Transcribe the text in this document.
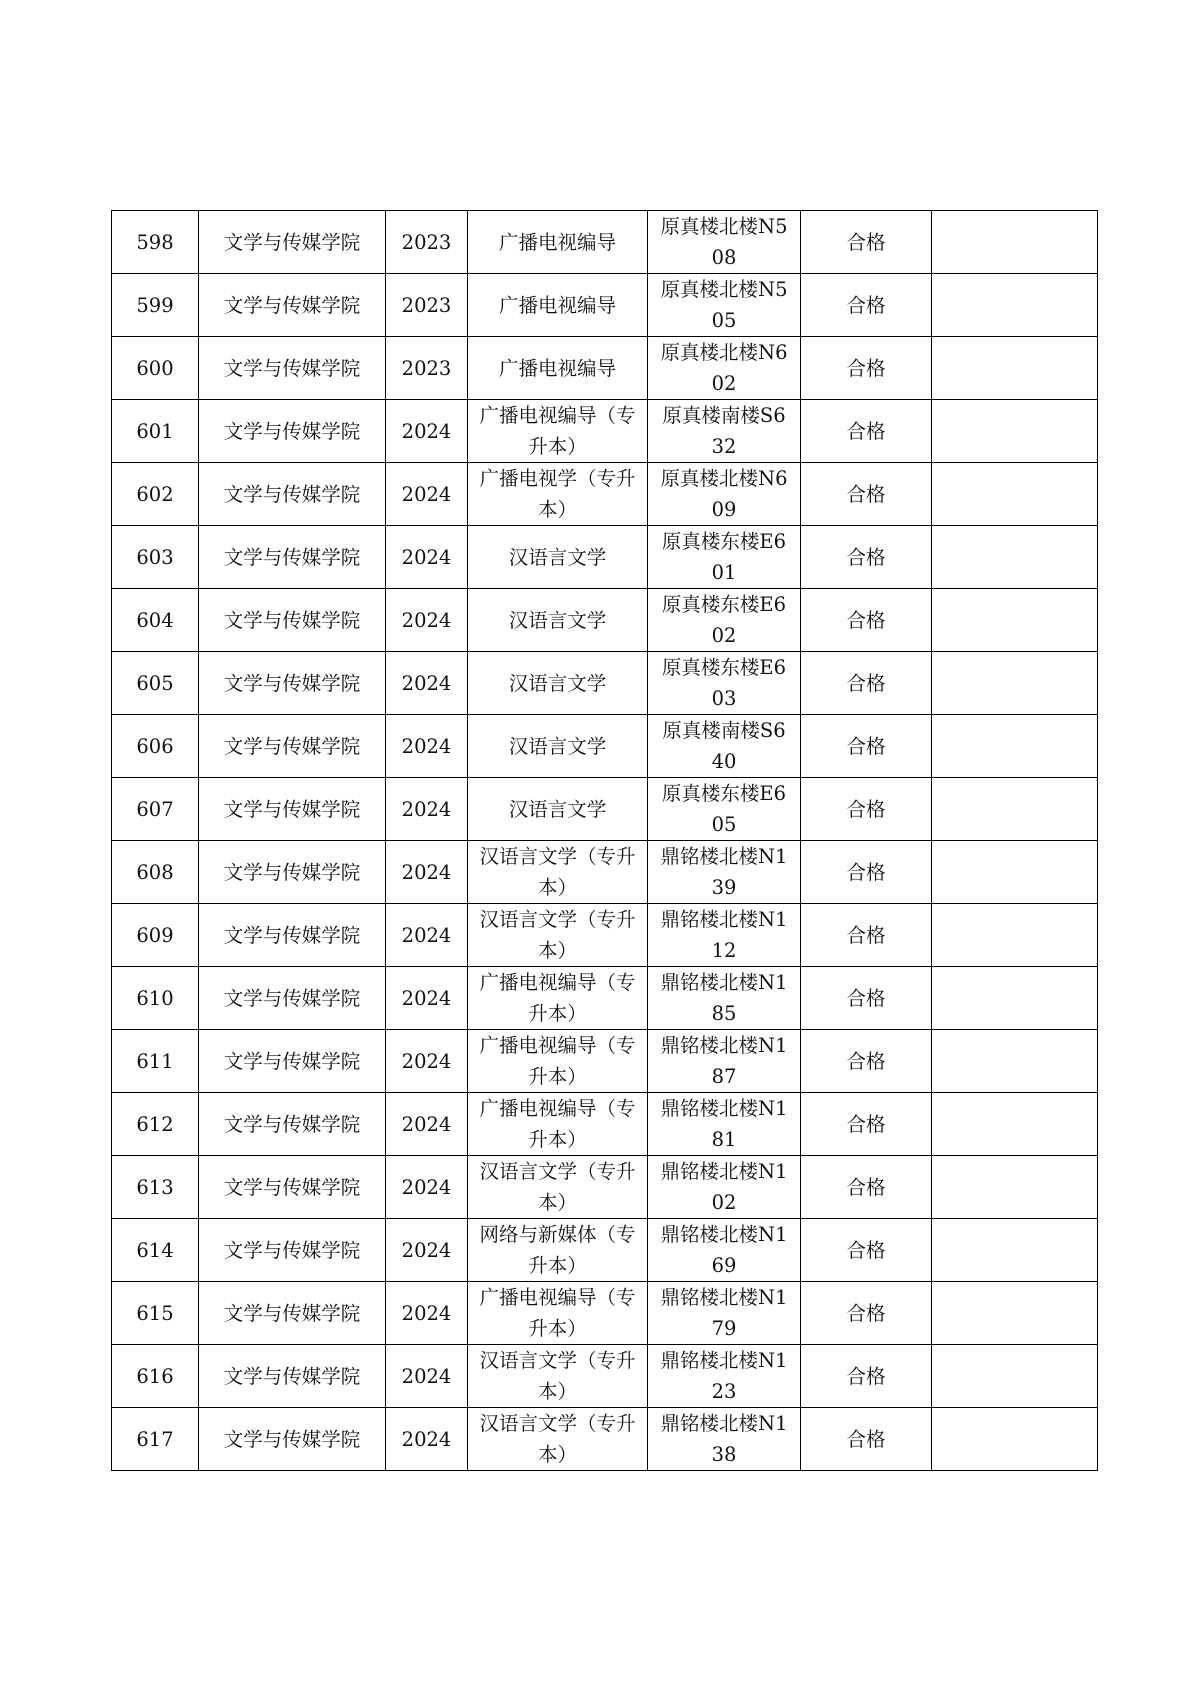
598	文学与传媒学院	2023	广播电视编导	原真楼北楼N508	合格	
599	文学与传媒学院	2023	广播电视编导	原真楼北楼N505	合格	
600	文学与传媒学院	2023	广播电视编导	原真楼北楼N602	合格	
601	文学与传媒学院	2024	广播电视编导（专升本）	原真楼南楼S632	合格	
602	文学与传媒学院	2024	广播电视学（专升本）	原真楼北楼N609	合格	
603	文学与传媒学院	2024	汉语言文学	原真楼东楼E601	合格	
604	文学与传媒学院	2024	汉语言文学	原真楼东楼E602	合格	
605	文学与传媒学院	2024	汉语言文学	原真楼东楼E603	合格	
606	文学与传媒学院	2024	汉语言文学	原真楼南楼S640	合格	
607	文学与传媒学院	2024	汉语言文学	原真楼东楼E605	合格	
608	文学与传媒学院	2024	汉语言文学（专升本）	鼎铭楼北楼N139	合格	
609	文学与传媒学院	2024	汉语言文学（专升本）	鼎铭楼北楼N112	合格	
610	文学与传媒学院	2024	广播电视编导（专升本）	鼎铭楼北楼N185	合格	
611	文学与传媒学院	2024	广播电视编导（专升本）	鼎铭楼北楼N187	合格	
612	文学与传媒学院	2024	广播电视编导（专升本）	鼎铭楼北楼N181	合格	
613	文学与传媒学院	2024	汉语言文学（专升本）	鼎铭楼北楼N102	合格	
614	文学与传媒学院	2024	网络与新媒体（专升本）	鼎铭楼北楼N169	合格	
615	文学与传媒学院	2024	广播电视编导（专升本）	鼎铭楼北楼N179	合格	
616	文学与传媒学院	2024	汉语言文学（专升本）	鼎铭楼北楼N123	合格	
617	文学与传媒学院	2024	汉语言文学（专升本）	鼎铭楼北楼N138	合格	
